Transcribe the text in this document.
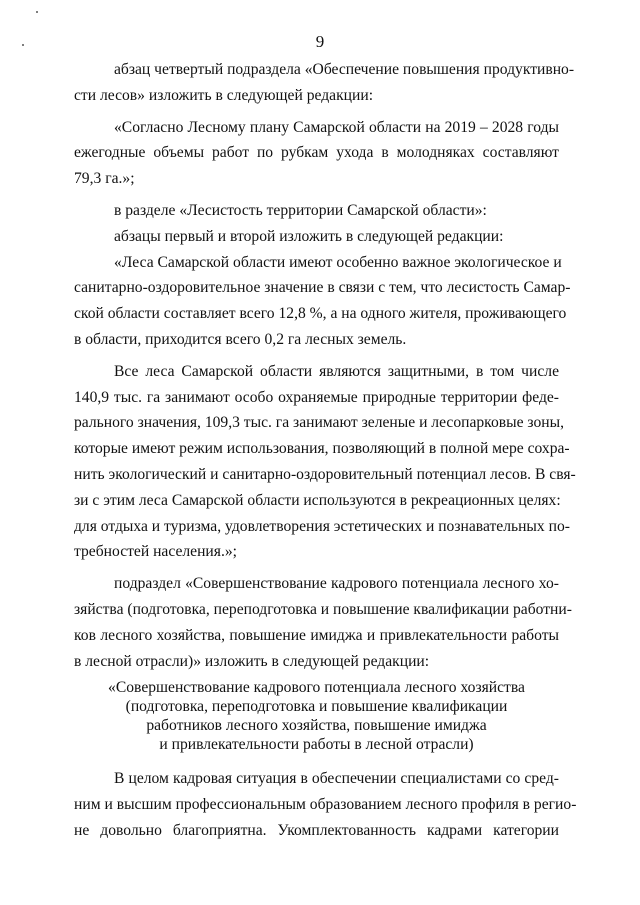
9
абзац четвертый подраздела «Обеспечение повышения продуктивно-
сти лесов» изложить в следующей редакции:
«Согласно Лесному плану Самарской области на 2019 – 2028 годы
ежегодные объемы работ по рубкам ухода в молодняках составляют
79,3 га.»;
в разделе «Лесистость территории Самарской области»:
абзацы первый и второй изложить в следующей редакции:
«Леса Самарской области имеют особенно важное экологическое и
санитарно-оздоровительное значение в связи с тем, что лесистость Самар-
ской области составляет всего 12,8 %, а на одного жителя, проживающего
в области, приходится всего 0,2 га лесных земель.
Все леса Самарской области являются защитными, в том числе
140,9 тыс. га занимают особо охраняемые природные территории феде-
рального значения, 109,3 тыс. га занимают зеленые и лесопарковые зоны,
которые имеют режим использования, позволяющий в полной мере сохра-
нить экологический и санитарно-оздоровительный потенциал лесов. В свя-
зи с этим леса Самарской области используются в рекреационных целях:
для отдыха и туризма, удовлетворения эстетических и познавательных по-
требностей населения.»;
подраздел «Совершенствование кадрового потенциала лесного хо-
зяйства (подготовка, переподготовка и повышение квалификации работни-
ков лесного хозяйства, повышение имиджа и привлекательности работы
в лесной отрасли)» изложить в следующей редакции:
«Совершенствование кадрового потенциала лесного хозяйства
(подготовка, переподготовка и повышение квалификации
работников лесного хозяйства, повышение имиджа
и привлекательности работы в лесной отрасли)
В целом кадровая ситуация в обеспечении специалистами со сред-
ним и высшим профессиональным образованием лесного профиля в регио-
не довольно благоприятна. Укомплектованность кадрами категории
